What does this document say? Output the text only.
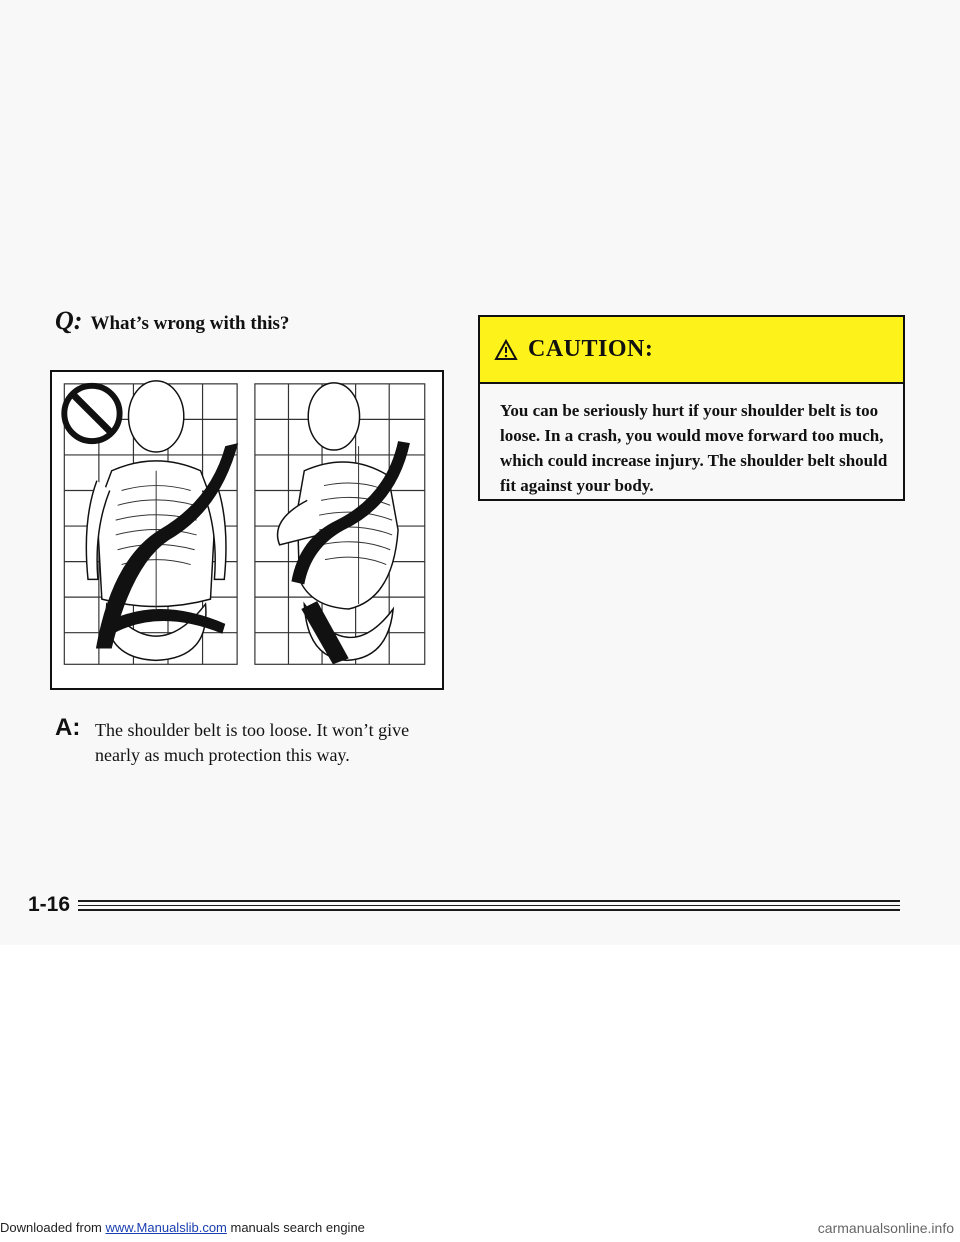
Q: What’s wrong with this?
A: The shoulder belt is too loose. It won’t give nearly as much protection this way.
CAUTION:
You can be seriously hurt if your shoulder belt is too loose. In a crash, you would move forward too much, which could increase injury. The shoulder belt should fit against your body.
1-16
Downloaded from www.Manualslib.com manuals search engine	carmanualsonline.info
